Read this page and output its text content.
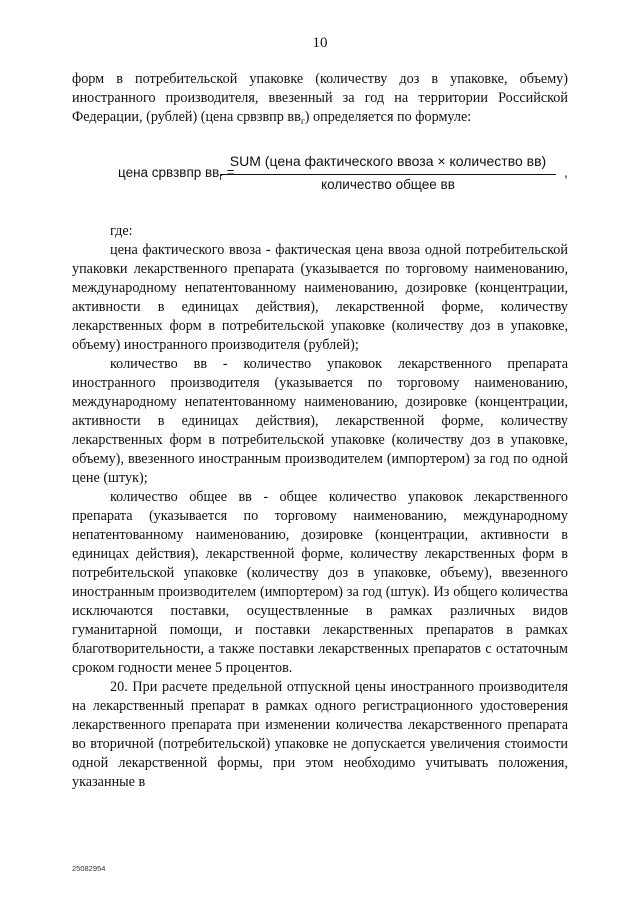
10

форм в потребительской упаковке (количеству доз в упаковке, объему) иностранного производителя, ввезенный за год на территории Российской Федерации, (рублей) (цена срвзвпр $вв_г$) определяется по формуле:

цена срвзвпр $вв_г$ =
SUM (цена фактического ввоза × количество вв)
количество общее вв
,

где:

цена фактического ввоза - фактическая цена ввоза одной потребительской упаковки лекарственного препарата (указывается по торговому наименованию, международному непатентованному наименованию, дозировке (концентрации, активности в единицах действия), лекарственной форме, количеству лекарственных форм в потребительской упаковке (количеству доз в упаковке, объему) иностранного производителя (рублей);

количество вв - количество упаковок лекарственного препарата иностранного производителя (указывается по торговому наименованию, международному непатентованному наименованию, дозировке (концентрации, активности в единицах действия), лекарственной форме, количеству лекарственных форм в потребительской упаковке (количеству доз в упаковке, объему), ввезенного иностранным производителем (импортером) за год по одной цене (штук);

количество общее вв - общее количество упаковок лекарственного препарата (указывается по торговому наименованию, международному непатентованному наименованию, дозировке (концентрации, активности в единицах действия), лекарственной форме, количеству лекарственных форм в потребительской упаковке (количеству доз в упаковке, объему), ввезенного иностранным производителем (импортером) за год (штук). Из общего количества исключаются поставки, осуществленные в рамках различных видов гуманитарной помощи, и поставки лекарственных препаратов в рамках благотворительности, а также поставки лекарственных препаратов с остаточным сроком годности менее 5 процентов.

20. При расчете предельной отпускной цены иностранного производителя на лекарственный препарат в рамках одного регистрационного удостоверения лекарственного препарата при изменении количества лекарственного препарата во вторичной (потребительской) упаковке не допускается увеличения стоимости одной лекарственной формы, при этом необходимо учитывать положения, указанные в

25082954
